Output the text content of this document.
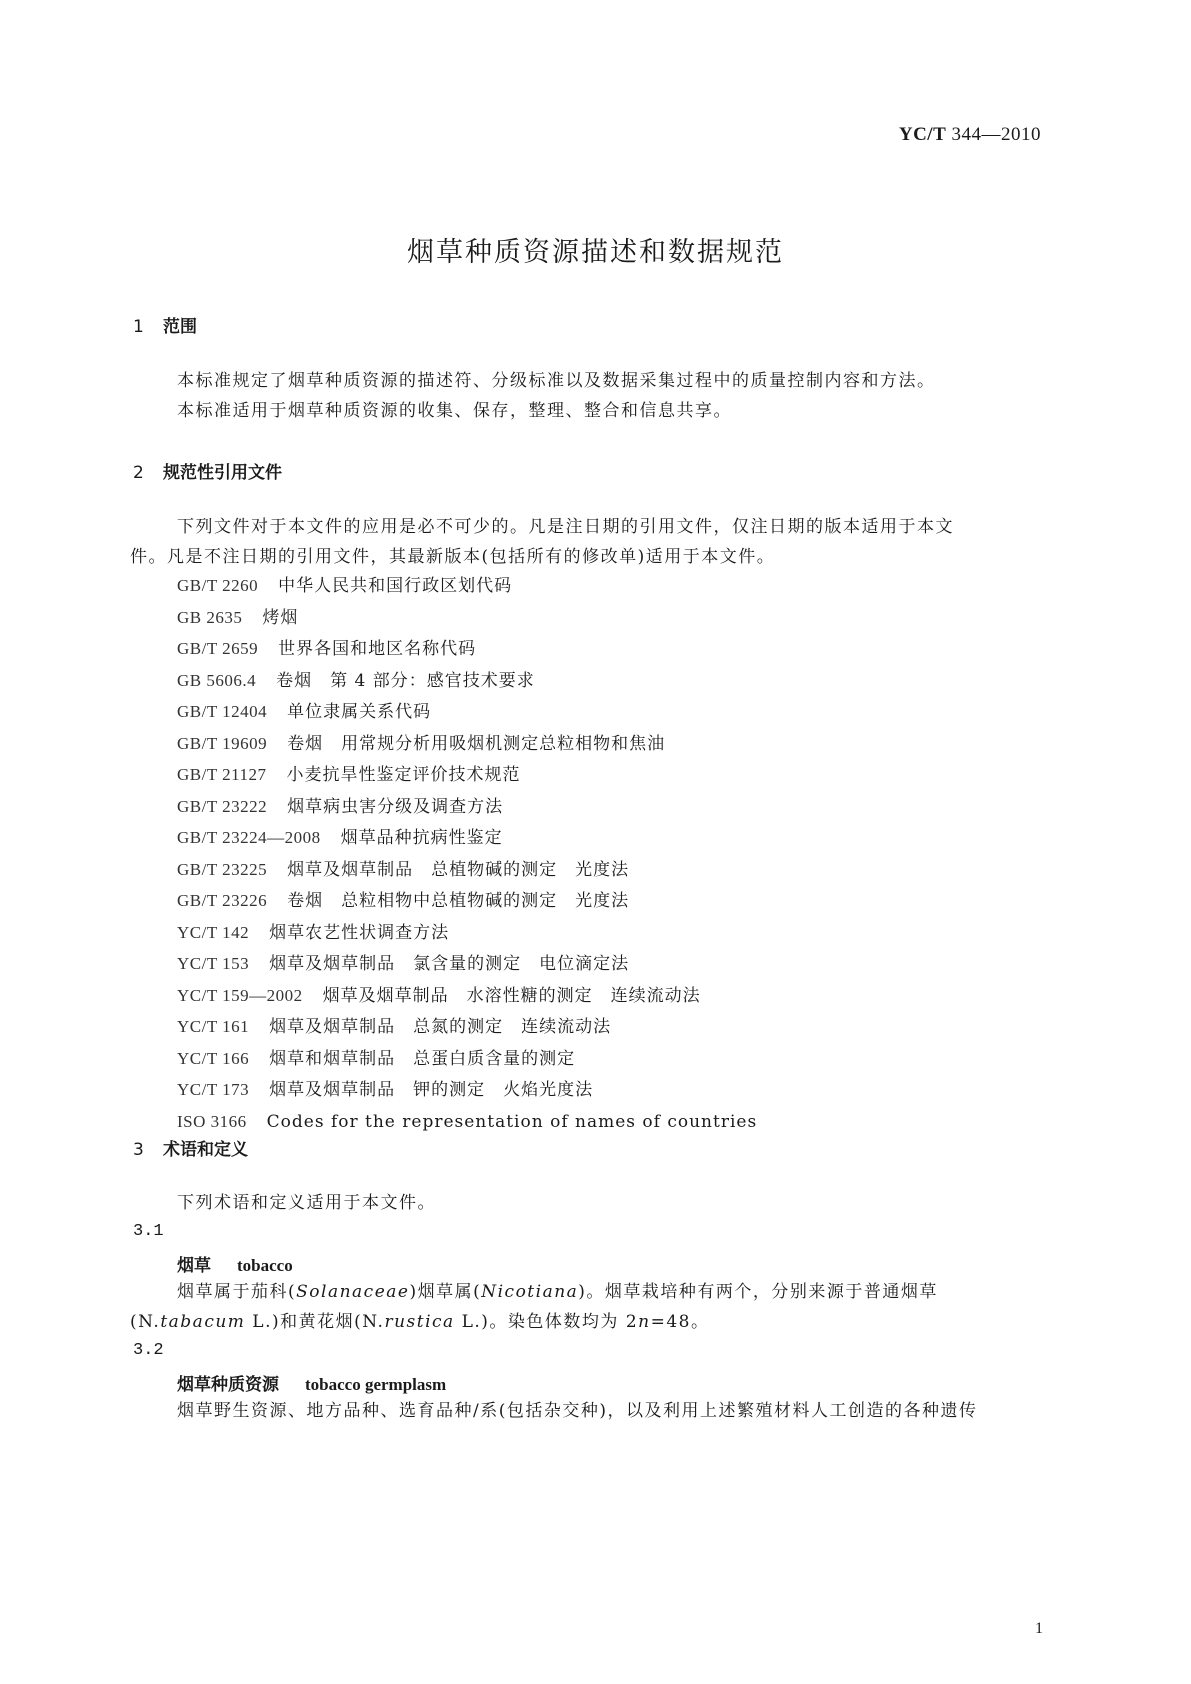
YC/T 344—2010
烟草种质资源描述和数据规范
1 范围
本标准规定了烟草种质资源的描述符、分级标准以及数据采集过程中的质量控制内容和方法。
本标准适用于烟草种质资源的收集、保存，整理、整合和信息共享。
2 规范性引用文件
下列文件对于本文件的应用是必不可少的。凡是注日期的引用文件，仅注日期的版本适用于本文
件。凡是不注日期的引用文件，其最新版本(包括所有的修改单)适用于本文件。
GB/T 2260 中华人民共和国行政区划代码
GB 2635 烤烟
GB/T 2659 世界各国和地区名称代码
GB 5606.4 卷烟　第 4 部分：感官技术要求
GB/T 12404 单位隶属关系代码
GB/T 19609 卷烟　用常规分析用吸烟机测定总粒相物和焦油
GB/T 21127 小麦抗旱性鉴定评价技术规范
GB/T 23222 烟草病虫害分级及调查方法
GB/T 23224—2008 烟草品种抗病性鉴定
GB/T 23225 烟草及烟草制品　总植物碱的测定　光度法
GB/T 23226 卷烟　总粒相物中总植物碱的测定　光度法
YC/T 142 烟草农艺性状调查方法
YC/T 153 烟草及烟草制品　氯含量的测定　电位滴定法
YC/T 159—2002 烟草及烟草制品　水溶性糖的测定　连续流动法
YC/T 161 烟草及烟草制品　总氮的测定　连续流动法
YC/T 166 烟草和烟草制品　总蛋白质含量的测定
YC/T 173 烟草及烟草制品　钾的测定　火焰光度法
ISO 3166 Codes for the representation of names of countries
3 术语和定义
下列术语和定义适用于本文件。
3.1
烟草 tobacco
烟草属于茄科(Solanaceae)烟草属(Nicotiana)。烟草栽培种有两个，分别来源于普通烟草
(N.tabacum L.)和黄花烟(N.rustica L.)。染色体数均为 2n=48。
3.2
烟草种质资源 tobacco germplasm
烟草野生资源、地方品种、选育品种/系(包括杂交种)，以及利用上述繁殖材料人工创造的各种遗传
1
